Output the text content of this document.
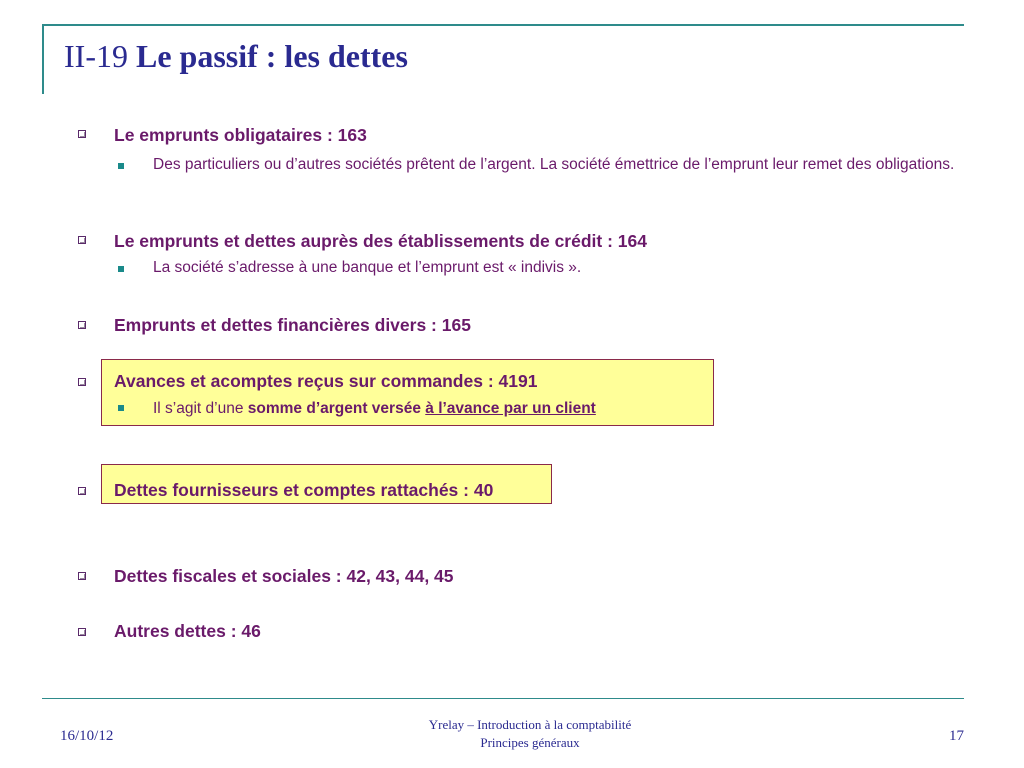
II-19 Le passif : les dettes
Le emprunts obligataires : 163
Des particuliers ou d’autres sociétés prêtent de l’argent. La société émettrice de l’emprunt leur remet des obligations.
Le emprunts et dettes auprès des établissements de crédit : 164
La société s’adresse à une banque et l’emprunt est « indivis ».
Emprunts et dettes financières divers : 165
Avances et acomptes reçus sur commandes : 4191
Il s’agit d’une somme d’argent versée à l’avance par un client
Dettes fournisseurs et comptes rattachés : 40
Dettes fiscales et sociales : 42, 43, 44, 45
Autres dettes : 46
16/10/12
Yrelay – Introduction à la comptabilité
Principes généraux	17
